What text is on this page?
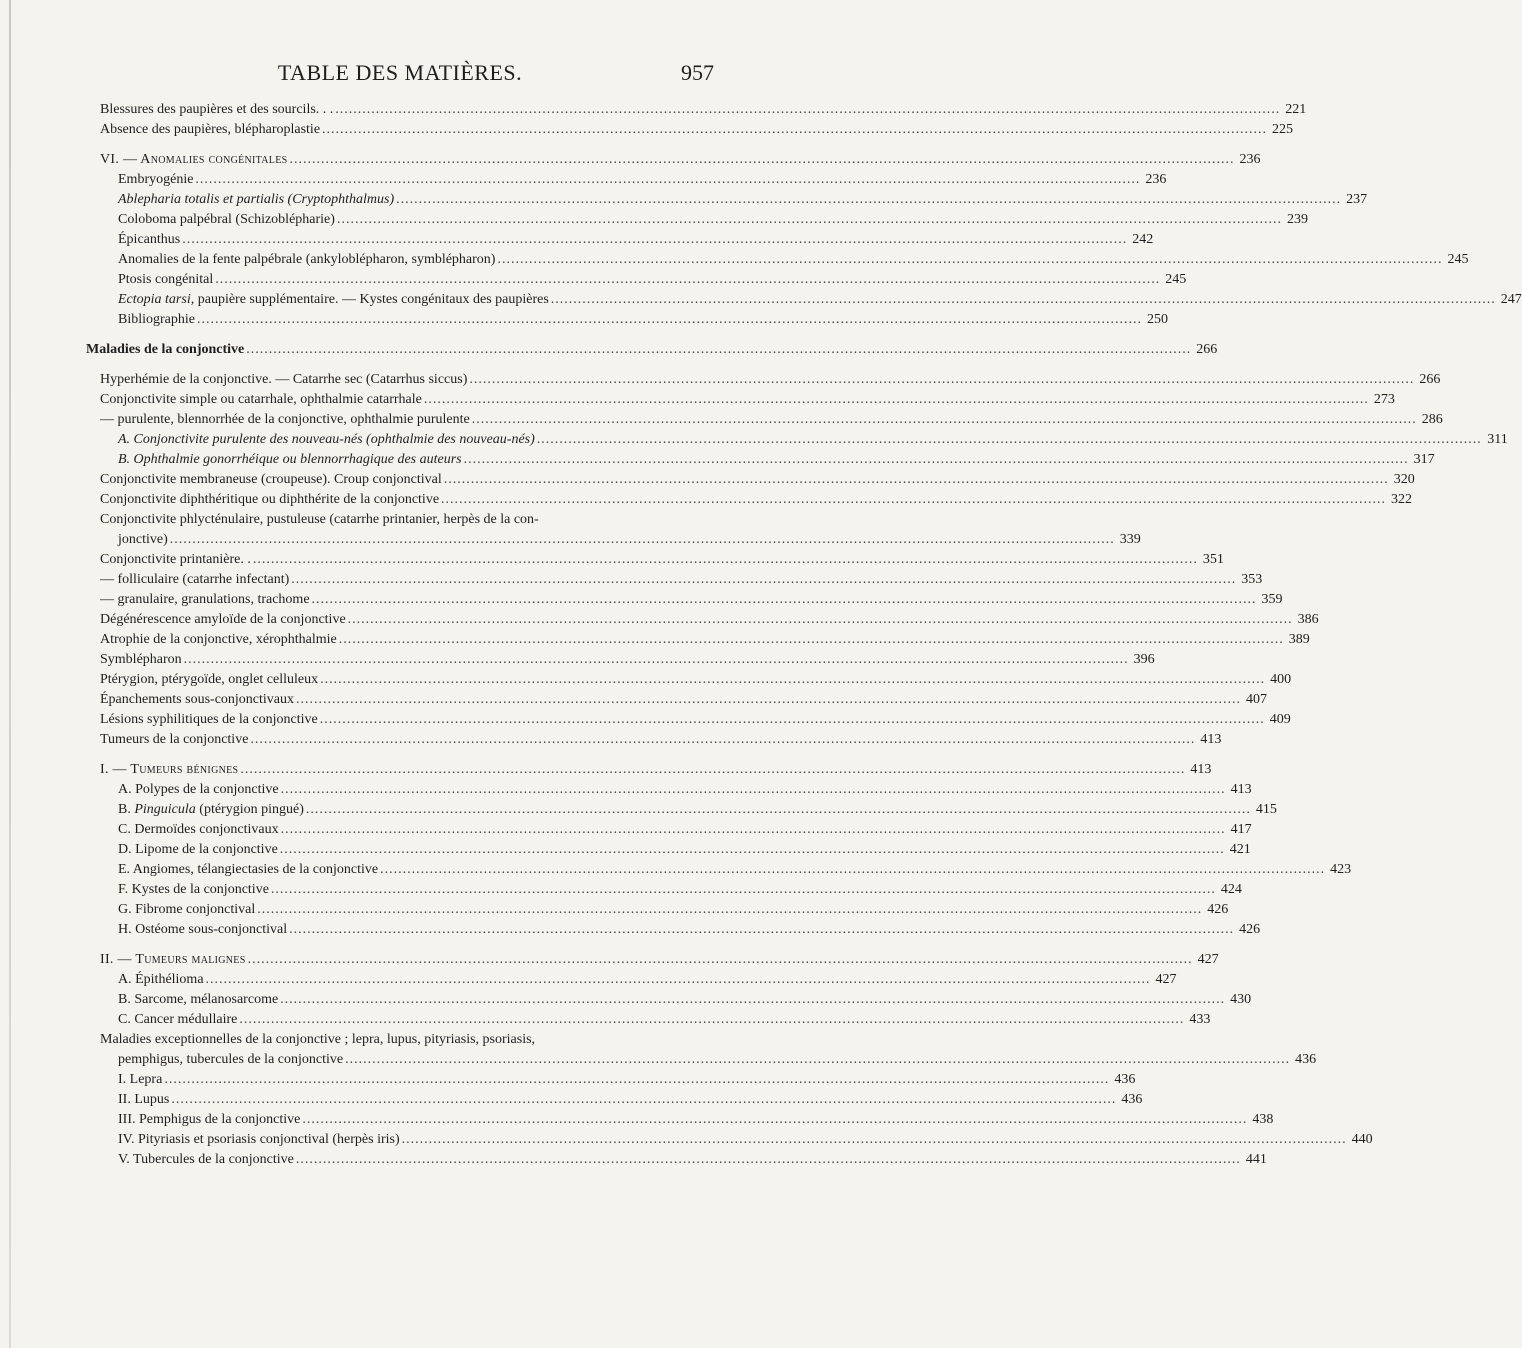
TABLE DES MATIÈRES.	957
Blessures des paupières et des sourcils. . . .....	221
Absence des paupières, blépharoplastie .....	225
VI. — Anomalies congénitales .....	236
Embryogénie .....	236
Ablepharia totalis et partialis (Cryptophthalmus) .....	237
Coloboma palpébral (Schizoblépharie) .....	239
Épicanthus .....	242
Anomalies de la fente palpébrale (ankyloblépharon, symblépharon) .....	245
Ptosis congénital .....	245
Ectopia tarsi, paupière supplémentaire. — Kystes congénitaux des paupières .....	247
Bibliographie .....	250
Maladies de la conjonctive .....	266
Hyperhémie de la conjonctive. — Catarrhe sec (Catarrhus siccus) .....	266
Conjonctivite simple ou catarrhale, ophthalmie catarrhale .....	273
— purulente, blennorrhée de la conjonctive, ophthalmie purulente .....	286
A. Conjonctivite purulente des nouveau-nés (ophthalmie des nouveau-nés) .....	311
B. Ophthalmie gonorrhéique ou blennorrhagique des auteurs .....	317
Conjonctivite membraneuse (croupeuse). Croup conjonctival .....	320
Conjonctivite diphthéritique ou diphthérite de la conjonctive .....	322
Conjonctivite phlycténulaire, pustuleuse (catarrhe printanier, herpès de la con-
jonctive) .....	339
Conjonctivite printanière. . .....	351
— folliculaire (catarrhe infectant) .....	353
— granulaire, granulations, trachome .....	359
Dégénérescence amyloïde de la conjonctive .....	386
Atrophie de la conjonctive, xérophthalmie .....	389
Symblépharon .....	396
Ptérygion, ptérygoïde, onglet celluleux .....	400
Épanchements sous-conjonctivaux .....	407
Lésions syphilitiques de la conjonctive .....	409
Tumeurs de la conjonctive .....	413
I. — Tumeurs bénignes .....	413
A. Polypes de la conjonctive .....	413
B. Pinguicula (ptérygion pingué) .....	415
C. Dermoïdes conjonctivaux .....	417
D. Lipome de la conjonctive .....	421
E. Angiomes, télangiectasies de la conjonctive .....	423
F. Kystes de la conjonctive .....	424
G. Fibrome conjonctival .....	426
H. Ostéome sous-conjonctival .....	426
II. — Tumeurs malignes .....	427
A. Épithélioma .....	427
B. Sarcome, mélanosarcome .....	430
C. Cancer médullaire .....	433
Maladies exceptionnelles de la conjonctive ; lepra, lupus, pityriasis, psoriasis,
pemphigus, tubercules de la conjonctive .....	436
I. Lepra .....	436
II. Lupus .....	436
III. Pemphigus de la conjonctive .....	438
IV. Pityriasis et psoriasis conjonctival (herpès iris) .....	440
V. Tubercules de la conjonctive .....	441
